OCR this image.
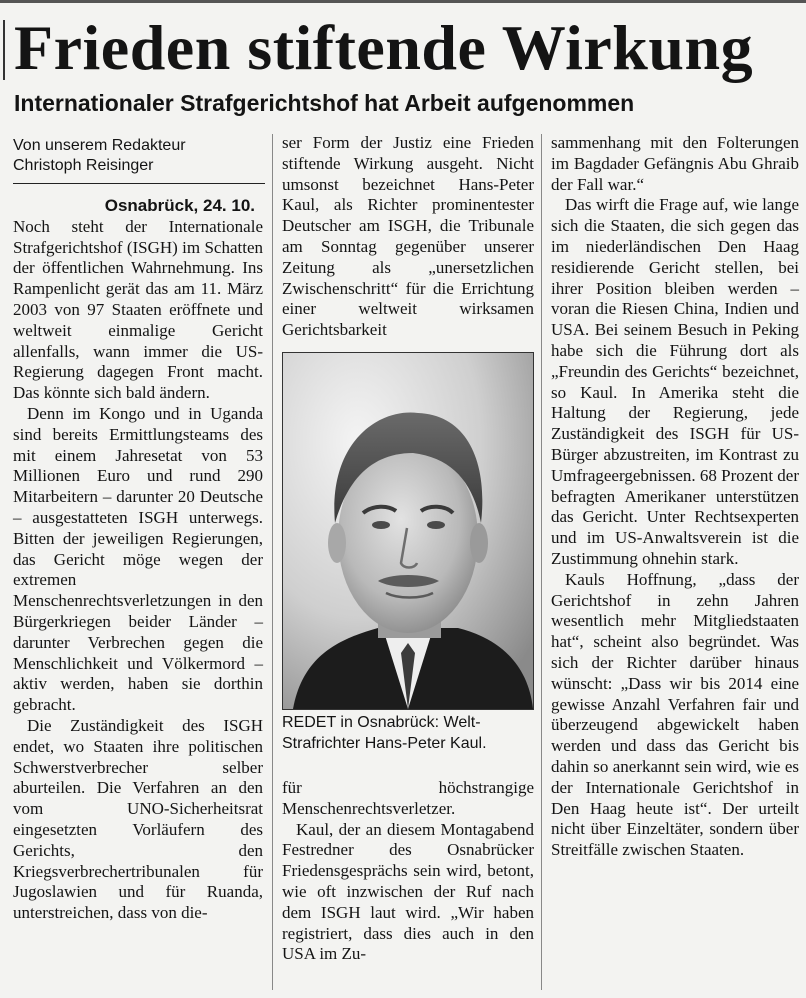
Frieden stiftende Wirkung
Internationaler Strafgerichtshof hat Arbeit aufgenommen
Von unserem Redakteur
Christoph Reisinger
Osnabrück, 24. 10.

Noch steht der Internationale Strafgerichtshof (ISGH) im Schatten der öffentlichen Wahrnehmung. Ins Rampenlicht gerät das am 11. März 2003 von 97 Staaten eröffnete und weltweit einmalige Gericht allenfalls, wann immer die US-Regierung dagegen Front macht. Das könnte sich bald ändern.

Denn im Kongo und in Uganda sind bereits Ermittlungsteams des mit einem Jahresetat von 53 Millionen Euro und rund 290 Mitarbeitern – darunter 20 Deutsche – ausgestatteten ISGH unterwegs. Bitten der jeweiligen Regierungen, das Gericht möge wegen der extremen Menschenrechtsverletzungen in den Bürgerkriegen beider Länder – darunter Verbrechen gegen die Menschlichkeit und Völkermord – aktiv werden, haben sie dorthin gebracht.

Die Zuständigkeit des ISGH endet, wo Staaten ihre politischen Schwerstverbrecher selber aburteilen. Die Verfahren an den vom UNO-Sicherheitsrat eingesetzten Vorläufern des Gerichts, den Kriegsverbrechertribunalen für Jugoslawien und für Ruanda, unterstreichen, dass von die-

ser Form der Justiz eine Frieden stiftende Wirkung ausgeht. Nicht umsonst bezeichnet Hans-Peter Kaul, als Richter prominentester Deutscher am ISGH, die Tribunale am Sonntag gegenüber unserer Zeitung als „unersetzlichen Zwischenschritt“ für die Errichtung einer weltweit wirksamen Gerichtsbarkeit

REDET in Osnabrück: Welt-Strafrichter Hans-Peter Kaul.

für höchstrangige Menschenrechtsverletzer.

Kaul, der an diesem Montagabend Festredner des Osnabrücker Friedensgesprächs sein wird, betont, wie oft inzwischen der Ruf nach dem ISGH laut wird. „Wir haben registriert, dass dies auch in den USA im Zu-

sammenhang mit den Folterungen im Bagdader Gefängnis Abu Ghraib der Fall war.“

Das wirft die Frage auf, wie lange sich die Staaten, die sich gegen das im niederländischen Den Haag residierende Gericht stellen, bei ihrer Position bleiben werden – voran die Riesen China, Indien und USA. Bei seinem Besuch in Peking habe sich die Führung dort als „Freundin des Gerichts“ bezeichnet, so Kaul. In Amerika steht die Haltung der Regierung, jede Zuständigkeit des ISGH für US-Bürger abzustreiten, im Kontrast zu Umfrageergebnissen. 68 Prozent der befragten Amerikaner unterstützen das Gericht. Unter Rechtsexperten und im US-Anwaltsverein ist die Zustimmung ohnehin stark.

Kauls Hoffnung, „dass der Gerichtshof in zehn Jahren wesentlich mehr Mitgliedstaaten hat“, scheint also begründet. Was sich der Richter darüber hinaus wünscht: „Dass wir bis 2014 eine gewisse Anzahl Verfahren fair und überzeugend abgewickelt haben werden und dass das Gericht bis dahin so anerkannt sein wird, wie es der Internationale Gerichtshof in Den Haag heute ist“. Der urteilt nicht über Einzeltäter, sondern über Streitfälle zwischen Staaten.
